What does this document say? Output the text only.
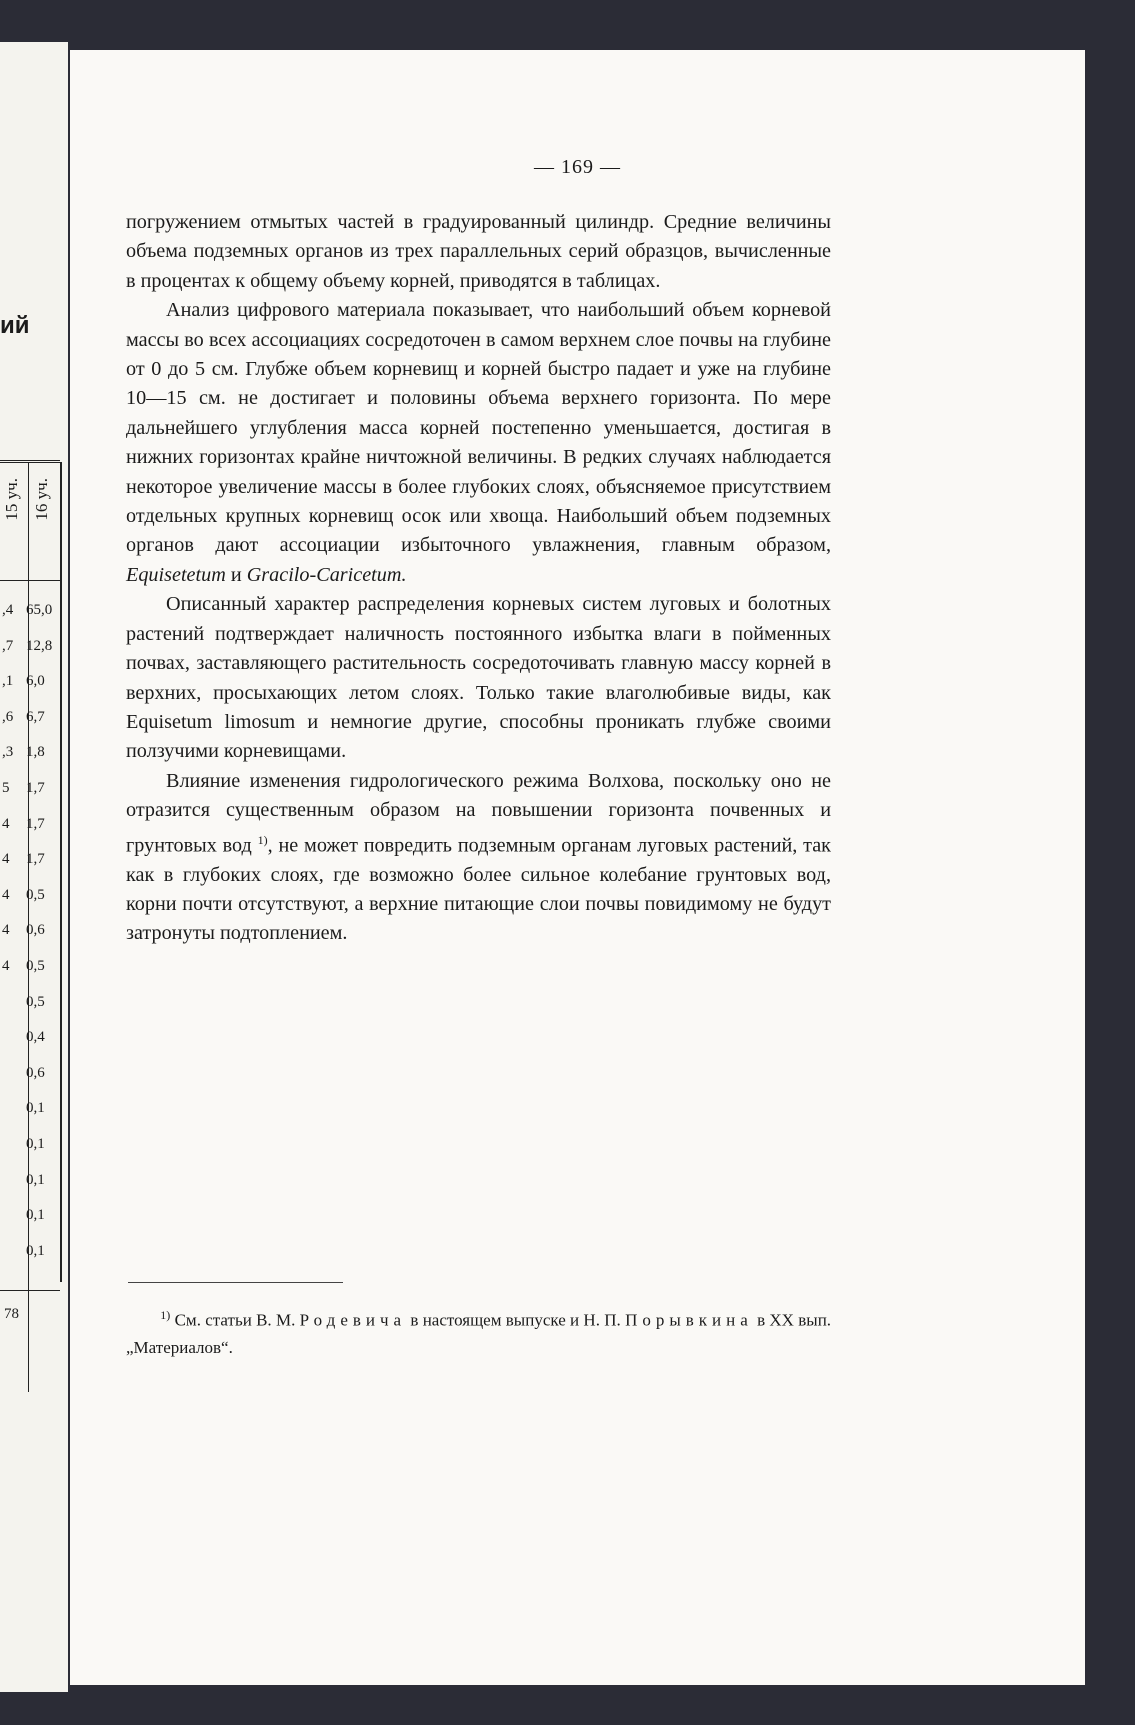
ий
15 уч. 16 уч.
78
,4
,7
,1
,6
,3
5
4
4
4
4
4
65,0
12,8
6,0
6,7
1,8
1,7
1,7
1,7
0,5
0,6
0,5
0,5
0,4
0,6
0,1
0,1
0,1
0,1
0,1
— 169 —

погружением отмытых частей в градуированный цилиндр. Средние величины объема подземных органов из трех параллельных серий образцов, вычисленные в процентах к общему объему корней, приводятся в таблицах.

Анализ цифрового материала показывает, что наибольший объем корневой массы во всех ассоциациях сосредоточен в самом верхнем слое почвы на глубине от 0 до 5 см. Глубже объем корневищ и корней быстро падает и уже на глубине 10—15 см. не достигает и половины объема верхнего горизонта. По мере дальнейшего углубления масса корней постепенно уменьшается, достигая в нижних горизонтах крайне ничтожной величины. В редких случаях наблюдается некоторое увеличение массы в более глубоких слоях, объясняемое присутствием отдельных крупных корневищ осок или хвоща. Наибольший объем подземных органов дают ассоциации избыточного увлажнения, главным образом, Equisetetum и Gracilo-Caricetum.

Описанный характер распределения корневых систем луговых и болотных растений подтверждает наличность постоянного избытка влаги в пойменных почвах, заставляющего растительность сосредоточивать главную массу корней в верхних, просыхающих летом слоях. Только такие влаголюбивые виды, как Equisetum limosum и немногие другие, способны проникать глубже своими ползучими корневищами.

Влияние изменения гидрологического режима Волхова, поскольку оно не отразится существенным образом на повышении горизонта почвенных и грунтовых вод $^{1)}$, не может повредить подземным органам луговых растений, так как в глубоких слоях, где возможно более сильное колебание грунтовых вод, корни почти отсутствуют, а верхние питающие слои почвы повидимому не будут затронуты подтоплением.

$^{1)}$ См. статьи В. М. Родевича в настоящем выпуске и Н. П. Порывкина в XX вып. „Материалов“.
